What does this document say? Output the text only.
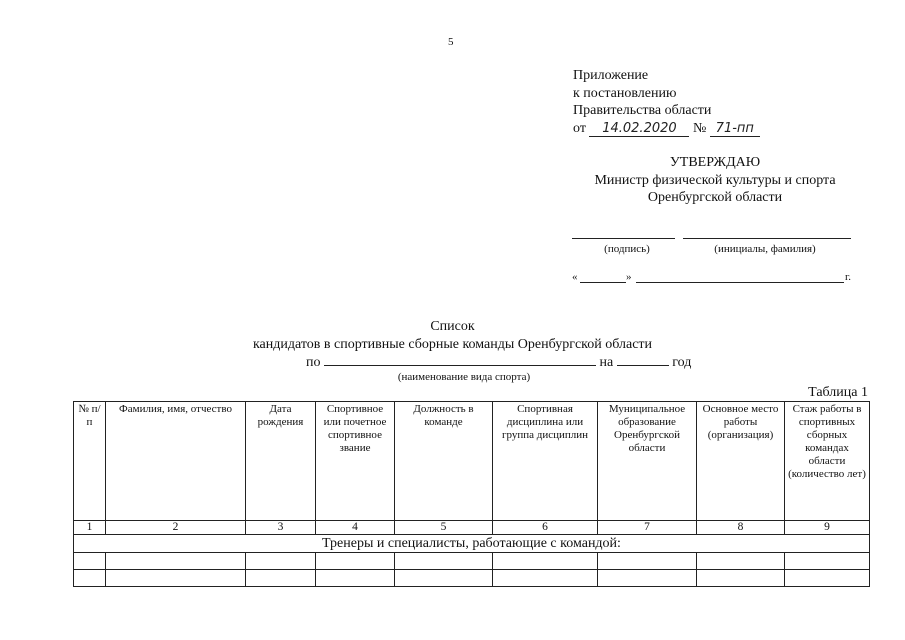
5
Приложение
к постановлению
Правительства области
от 14.02.2020 № 71-пп
УТВЕРЖДАЮ
Министр физической культуры и спорта
Оренбургской области
(подпись)	(инициалы, фамилия)
«	»	г.
Список
кандидатов в спортивные сборные команды Оренбургской области
по	на	год
(наименование вида спорта)
Таблица 1
№ п/п	Фамилия, имя, отчество	Дата рождения	Спортивное или почетное спортивное звание	Должность в команде	Спортивная дисциплина или группа дисциплин	Муниципальное образование Оренбургской области	Основное место работы (организация)	Стаж работы в спортивных сборных командах области (количество лет)
1	2	3	4	5	6	7	8	9
Тренеры и специалисты, работающие с командой:								
